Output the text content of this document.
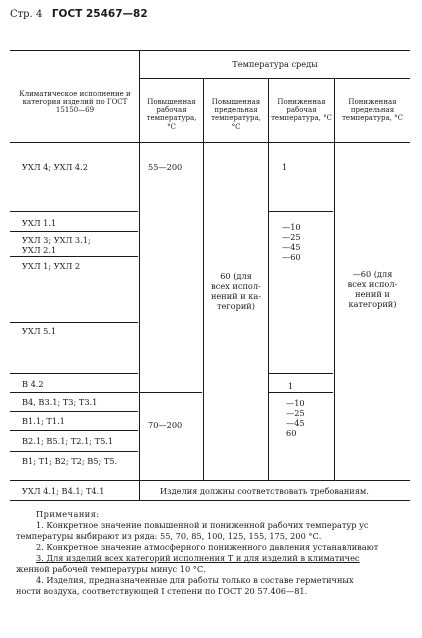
Стр. 4 ГОСТ 25467—82
Температура среды
Климатическое исполнение и категория изделий по ГОСТ 15150—69
Повышенная рабочая температура, °С
Повышенная предельная температура, °С
Пониженная рабочая температура, °С
Пониженная предельная температура, °С
УХЛ 4; УХЛ 4.2
УХЛ 1.1
УХЛ 3; УХЛ 3.1;
УХЛ 2.1
УХЛ 1; УХЛ 2
УХЛ 5.1
В 4.2
В4, В3.1; Т3; Т3.1
В1.1; Т1.1
В2.1; В5.1; Т2.1; Т5.1
В1; Т1; В2; Т2; В5; Т5.
УХЛ 4.1; В4.1; Т4.1
55—200
70—200
60 (для
всех испол-
нений и ка-
тегорий)
1
—10
—25
—45
—60
1
—10
—25
—45
60
—60 (для
всех испол-
нений и
категорий)
Изделия должны соответствовать требованиям.
Примечания:
1. Конкретное значение повышенной и пониженной рабочих температур ус
температуры выбирают из ряда: 55, 70, 85, 100, 125, 155, 175, 200 °С.
2. Конкретное значение атмосферного пониженного давления устанавливают
3. Для изделий всех категорий исполнения Т и для изделий в климатичес
женной рабочей температуры минус 10 °С.
4. Изделия, предназначенные для работы только в составе герметичных
ности воздуха, соответствующей I степени по ГОСТ 20 57.406—81.
